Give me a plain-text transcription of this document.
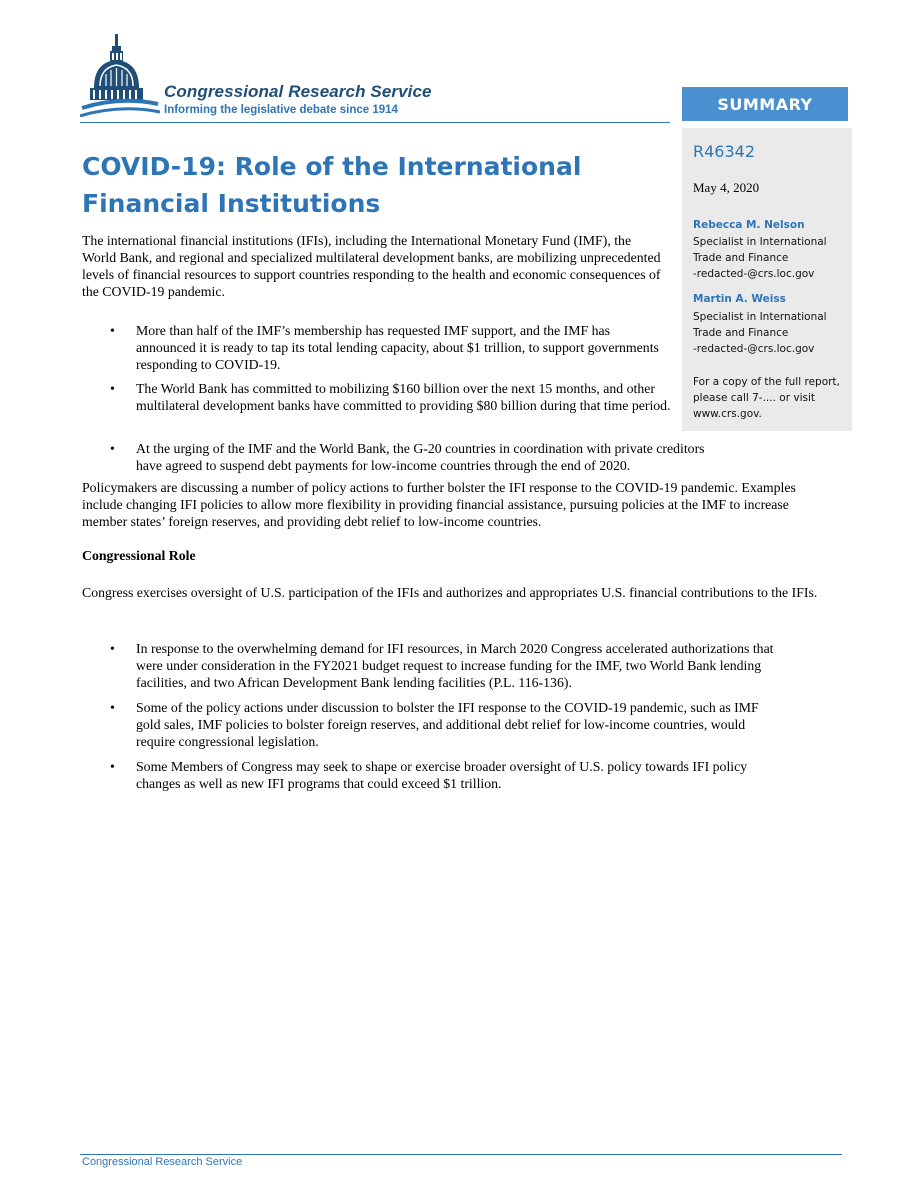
Congressional Research Service
Informing the legislative debate since 1914	SUMMARY
R46342
May 4, 2020
Rebecca M. Nelson
Specialist in International
Trade and Finance
-redacted-@crs.loc.gov
Martin A. Weiss
Specialist in International
Trade and Finance
-redacted-@crs.loc.gov
For a copy of the full report, please call 7-.... or visit www.crs.gov.
COVID-19: Role of the International Financial Institutions

The international financial institutions (IFIs), including the International Monetary Fund (IMF), the World Bank, and regional and specialized multilateral development banks, are mobilizing unprecedented levels of financial resources to support countries responding to the health and economic consequences of the COVID-19 pandemic.

• More than half of the IMF’s membership has requested IMF support, and the IMF has announced it is ready to tap its total lending capacity, about $1 trillion, to support governments responding to COVID-19.
• The World Bank has committed to mobilizing $160 billion over the next 15 months, and other multilateral development banks have committed to providing $80 billion during that time period.
• At the urging of the IMF and the World Bank, the G-20 countries in coordination with private creditors have agreed to suspend debt payments for low-income countries through the end of 2020.

Policymakers are discussing a number of policy actions to further bolster the IFI response to the COVID-19 pandemic. Examples include changing IFI policies to allow more flexibility in providing financial assistance, pursuing policies at the IMF to increase member states’ foreign reserves, and providing debt relief to low-income countries.

Congressional Role

Congress exercises oversight of U.S. participation of the IFIs and authorizes and appropriates U.S. financial contributions to the IFIs.

• In response to the overwhelming demand for IFI resources, in March 2020 Congress accelerated authorizations that were under consideration in the FY2021 budget request to increase funding for the IMF, two World Bank lending facilities, and two African Development Bank lending facilities (P.L. 116-136).
• Some of the policy actions under discussion to bolster the IFI response to the COVID-19 pandemic, such as IMF gold sales, IMF policies to bolster foreign reserves, and additional debt relief for low-income countries, would require congressional legislation.
• Some Members of Congress may seek to shape or exercise broader oversight of U.S. policy towards IFI policy changes as well as new IFI programs that could exceed $1 trillion.
Congressional Research Service
